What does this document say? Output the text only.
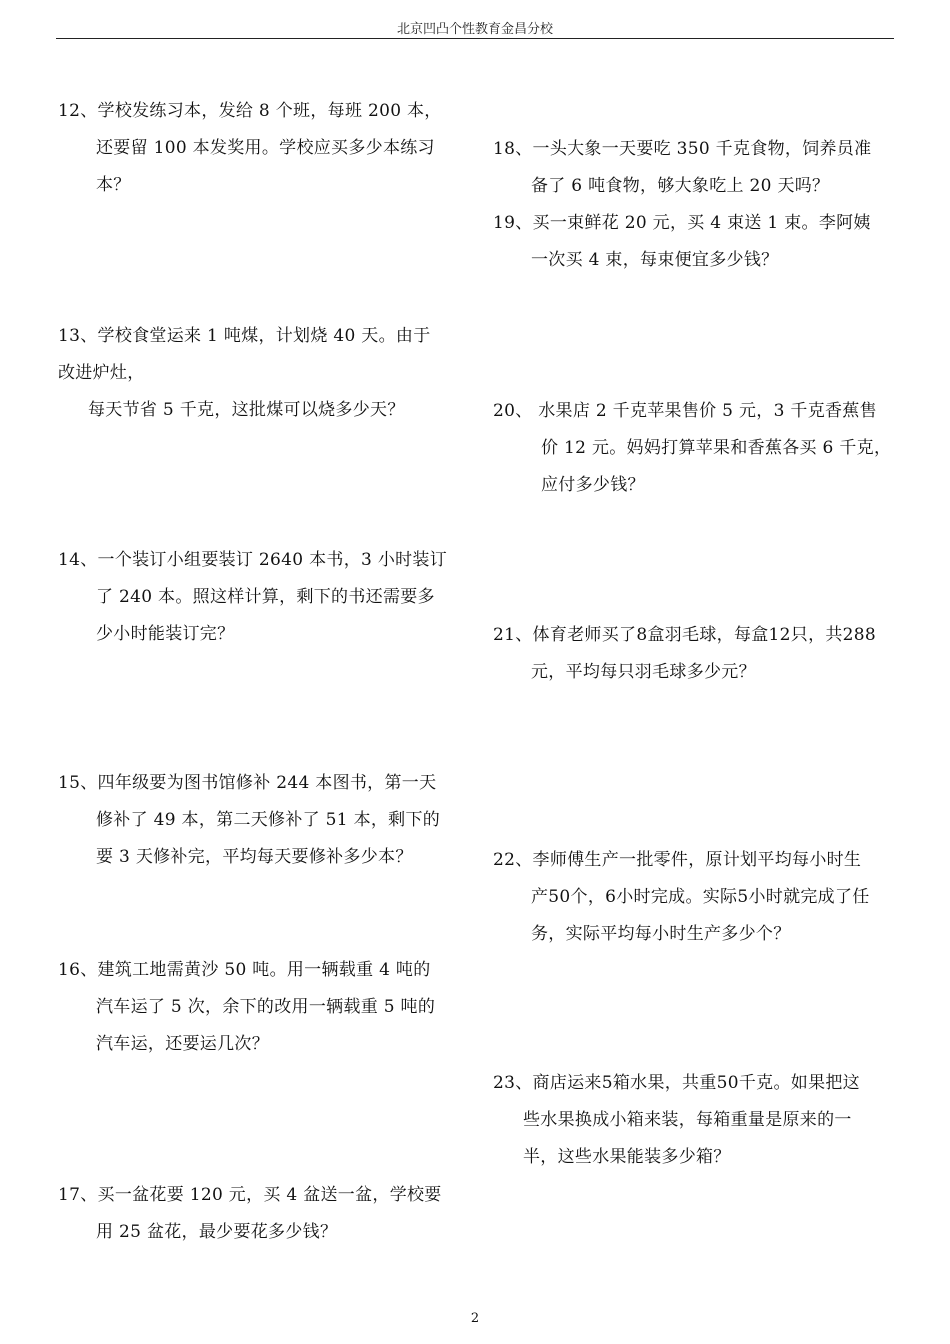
北京凹凸个性教育金昌分校
12、学校发练习本，发给 8 个班，每班 200 本，
还要留 100 本发奖用。学校应买多少本练习
本？
13、学校食堂运来 1 吨煤，计划烧 40 天。由于
改进炉灶，
每天节省 5 千克，这批煤可以烧多少天？
14、一个装订小组要装订 2640 本书，3 小时装订
了 240 本。照这样计算，剩下的书还需要多
少小时能装订完？
15、四年级要为图书馆修补 244 本图书，第一天
修补了 49 本，第二天修补了 51 本，剩下的
要 3 天修补完，平均每天要修补多少本？
16、建筑工地需黄沙 50 吨。用一辆载重 4 吨的
汽车运了 5 次，余下的改用一辆载重 5 吨的
汽车运，还要运几次？
17、买一盆花要 120 元，买 4 盆送一盆，学校要
用 25 盆花，最少要花多少钱？
18、一头大象一天要吃 350 千克食物，饲养员准
备了 6 吨食物，够大象吃上 20 天吗？
19、买一束鲜花 20 元，买 4 束送 1 束。李阿姨
一次买 4 束，每束便宜多少钱？
20、 水果店 2 千克苹果售价 5 元，3 千克香蕉售
价 12 元。妈妈打算苹果和香蕉各买 6 千克，
应付多少钱？
21、体育老师买了8盒羽毛球，每盒12只，共288
元，平均每只羽毛球多少元？
22、李师傅生产一批零件，原计划平均每小时生
产50个，6小时完成。实际5小时就完成了任
务，实际平均每小时生产多少个？
23、商店运来5箱水果，共重50千克。如果把这
些水果换成小箱来装，每箱重量是原来的一
半，这些水果能装多少箱？
2
